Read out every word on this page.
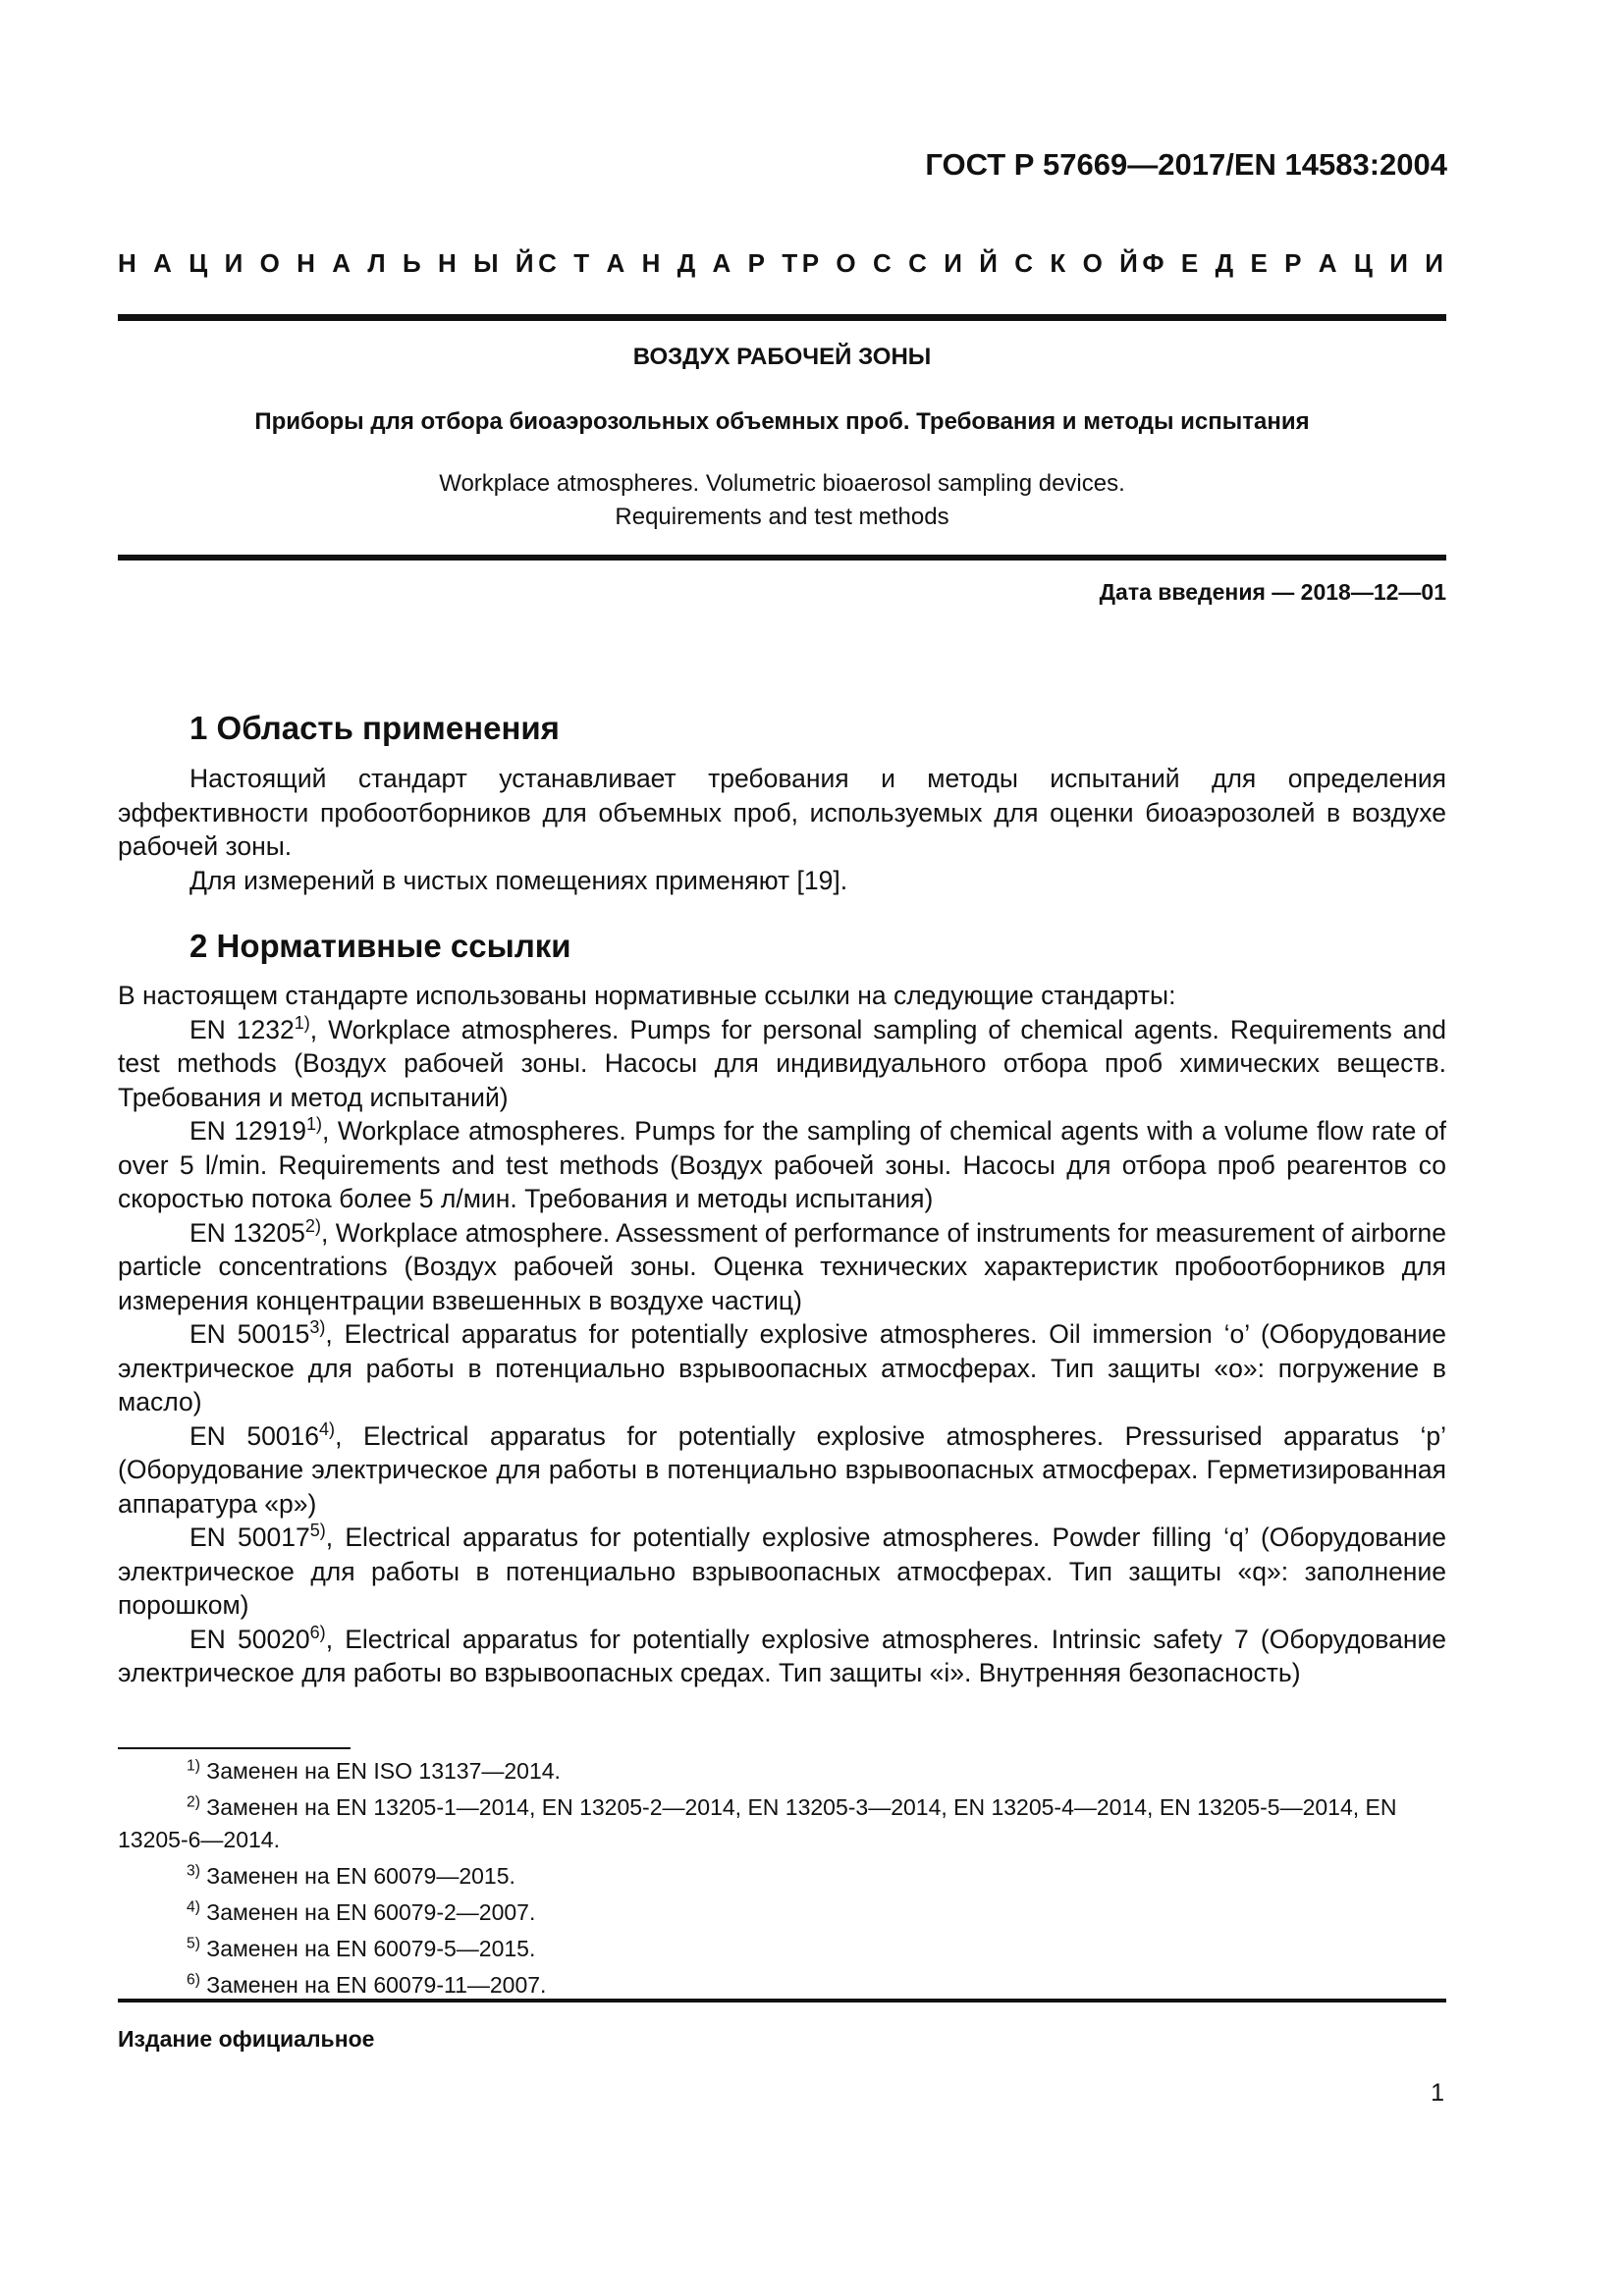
ГОСТ Р 57669—2017/EN 14583:2004
Н  А  Ц  И  О  Н  А  Л  Ь  Н  Ы  Й С  Т  А  Н  Д  А  Р  Т Р  О  С  С  И  Й  С  К  О  Й Ф  Е  Д  Е  Р  А  Ц  И  И
ВОЗДУХ РАБОЧЕЙ ЗОНЫ
Приборы для отбора биоаэрозольных объемных проб. Требования и методы испытания
Workplace atmospheres. Volumetric bioaerosol sampling devices.
Requirements and test methods
Дата введения — 2018—12—01
1 Область применения

Настоящий стандарт устанавливает требования и методы испытаний для определения эффективности пробоотборников для объемных проб, используемых для оценки биоаэрозолей в воздухе рабочей зоны.

Для измерений в чистых помещениях применяют [19].

2 Нормативные ссылки

В настоящем стандарте использованы нормативные ссылки на следующие стандарты:

EN 1232$^{1)}$, Workplace atmospheres. Pumps for personal sampling of chemical agents. Requirements and test methods (Воздух рабочей зоны. Насосы для индивидуального отбора проб химических веществ. Требования и метод испытаний)

EN 12919$^{1)}$, Workplace atmospheres. Pumps for the sampling of chemical agents with a volume flow rate of over 5 l/min. Requirements and test methods (Воздух рабочей зоны. Насосы для отбора проб реагентов со скоростью потока более 5 л/мин. Требования и методы испытания)

EN 13205$^{2)}$, Workplace atmosphere. Assessment of performance of instruments for measurement of airborne particle concentrations (Воздух рабочей зоны. Оценка технических характеристик пробоотборников для измерения концентрации взвешенных в воздухе частиц)

EN 50015$^{3)}$, Electrical apparatus for potentially explosive atmospheres. Oil immersion ‘o’ (Оборудование электрическое для работы в потенциально взрывоопасных атмосферах. Тип защиты «о»: погружение в масло)

EN 50016$^{4)}$, Electrical apparatus for potentially explosive atmospheres. Pressurised apparatus ‘p’ (Оборудование электрическое для работы в потенциально взрывоопасных атмосферах. Герметизированная аппаратура «р»)

EN 50017$^{5)}$, Electrical apparatus for potentially explosive atmospheres. Powder filling ‘q’ (Оборудование электрическое для работы в потенциально взрывоопасных атмосферах. Тип защиты «q»: заполнение порошком)

EN 50020$^{6)}$, Electrical apparatus for potentially explosive atmospheres. Intrinsic safety 7 (Оборудование электрическое для работы во взрывоопасных средах. Тип защиты «i». Внутренняя безопасность)

$^{1)}$ Заменен на EN ISO 13137—2014.

$^{2)}$ Заменен на EN 13205-1—2014, EN 13205-2—2014, EN 13205-3—2014, EN 13205-4—2014, EN 13205-5—2014, EN 13205-6—2014.

$^{3)}$ Заменен на EN 60079—2015.

$^{4)}$ Заменен на EN 60079-2—2007.

$^{5)}$ Заменен на EN 60079-5—2015.

$^{6)}$ Заменен на EN 60079-11—2007.

Издание официальное
1
